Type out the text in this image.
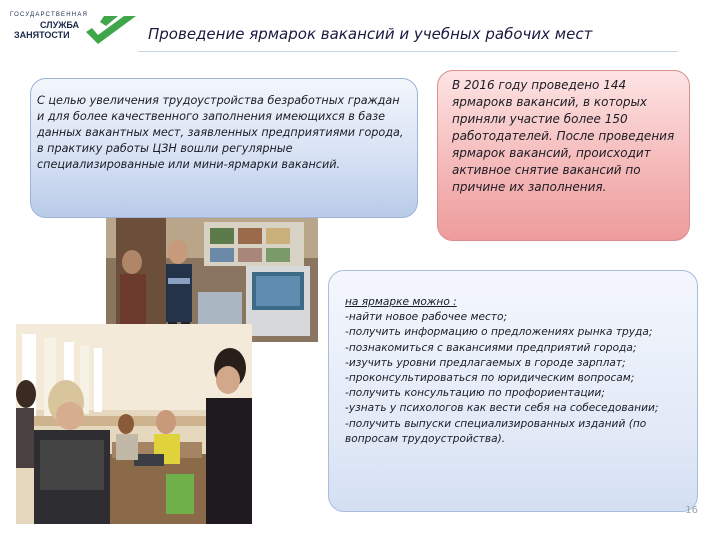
ГОСУДАРСТВЕННАЯ
СЛУЖБА
ЗАНЯТОСТИ	Проведение ярмарок вакансий и учебных рабочих мест
С целью увеличения трудоустройства безработных граждан и для более качественного заполнения имеющихся в базе данных вакантных мест, заявленных предприятиями города, в практику работы ЦЗН вошли регулярные специализированные или мини-ярмарки вакансий.
В 2016 году проведено 144 ярмарокв вакансий, в которых приняли участие более 150 работодателей. После проведения ярмарок вакансий, происходит активное снятие вакансий по причине их заполнения.
на ярмарке можно :
-найти новое рабочее место;
-получить информацию о предложениях рынка труда;
-познакомиться с вакансиями предприятий города;
-изучить уровни предлагаемых в городе зарплат;
-проконсультироваться по юридическим вопросам;
-получить консультацию по профориентации;
-узнать у психологов как вести себя на собеседовании;
-получить выпуски специализированных изданий (по вопросам трудоустройства).
16
